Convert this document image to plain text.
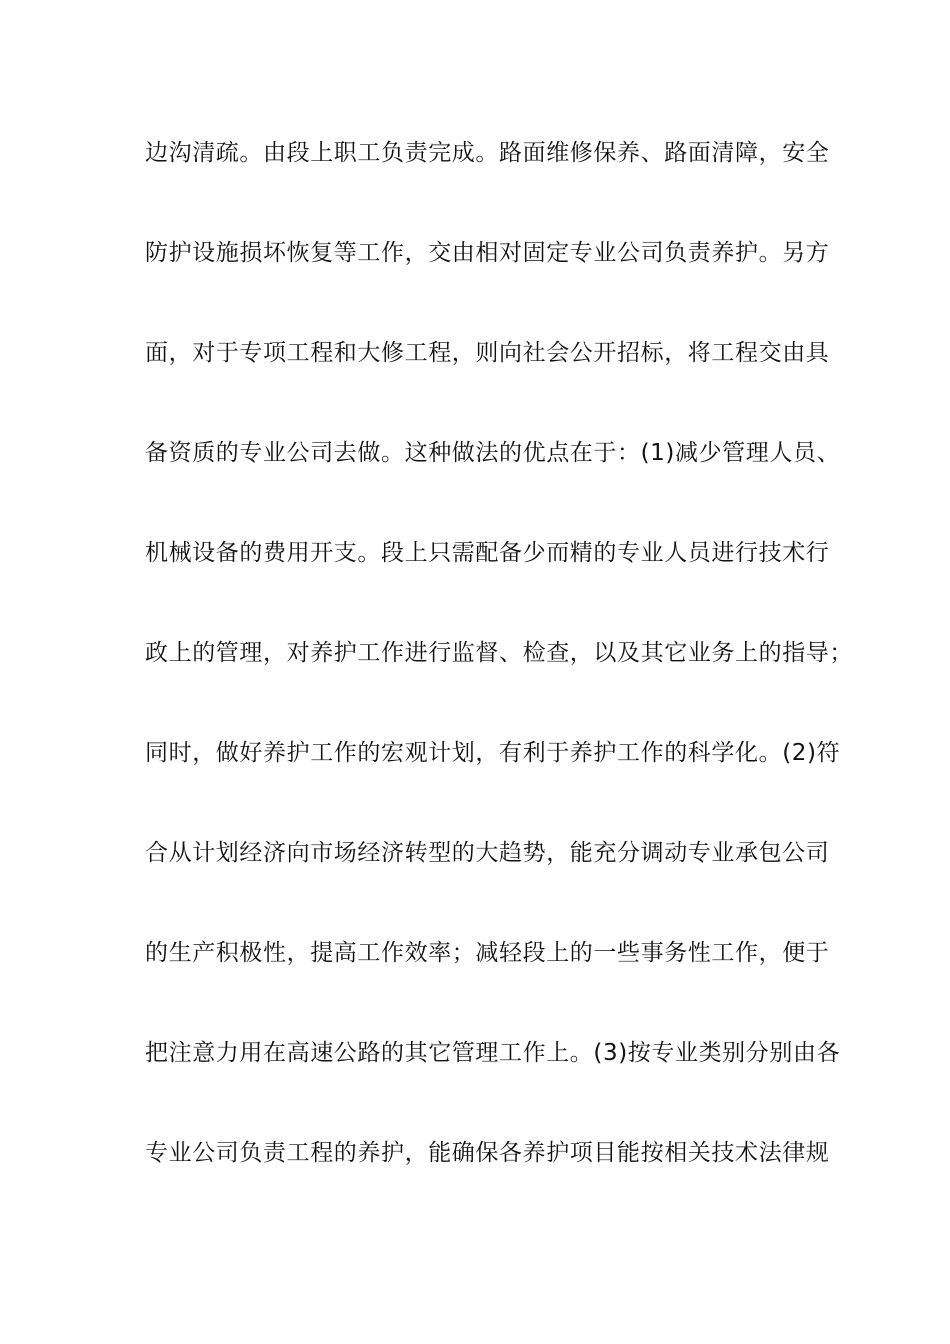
边沟清疏。由段上职工负责完成。路面维修保养、路面清障，安全
防护设施损坏恢复等工作，交由相对固定专业公司负责养护。另方
面，对于专项工程和大修工程，则向社会公开招标，将工程交由具
备资质的专业公司去做。这种做法的优点在于：(1)减少管理人员、
机械设备的费用开支。段上只需配备少而精的专业人员进行技术行
政上的管理，对养护工作进行监督、检查，以及其它业务上的指导；
同时，做好养护工作的宏观计划，有利于养护工作的科学化。(2)符
合从计划经济向市场经济转型的大趋势，能充分调动专业承包公司
的生产积极性，提高工作效率；减轻段上的一些事务性工作，便于
把注意力用在高速公路的其它管理工作上。(3)按专业类别分别由各
专业公司负责工程的养护，能确保各养护项目能按相关技术法律规
